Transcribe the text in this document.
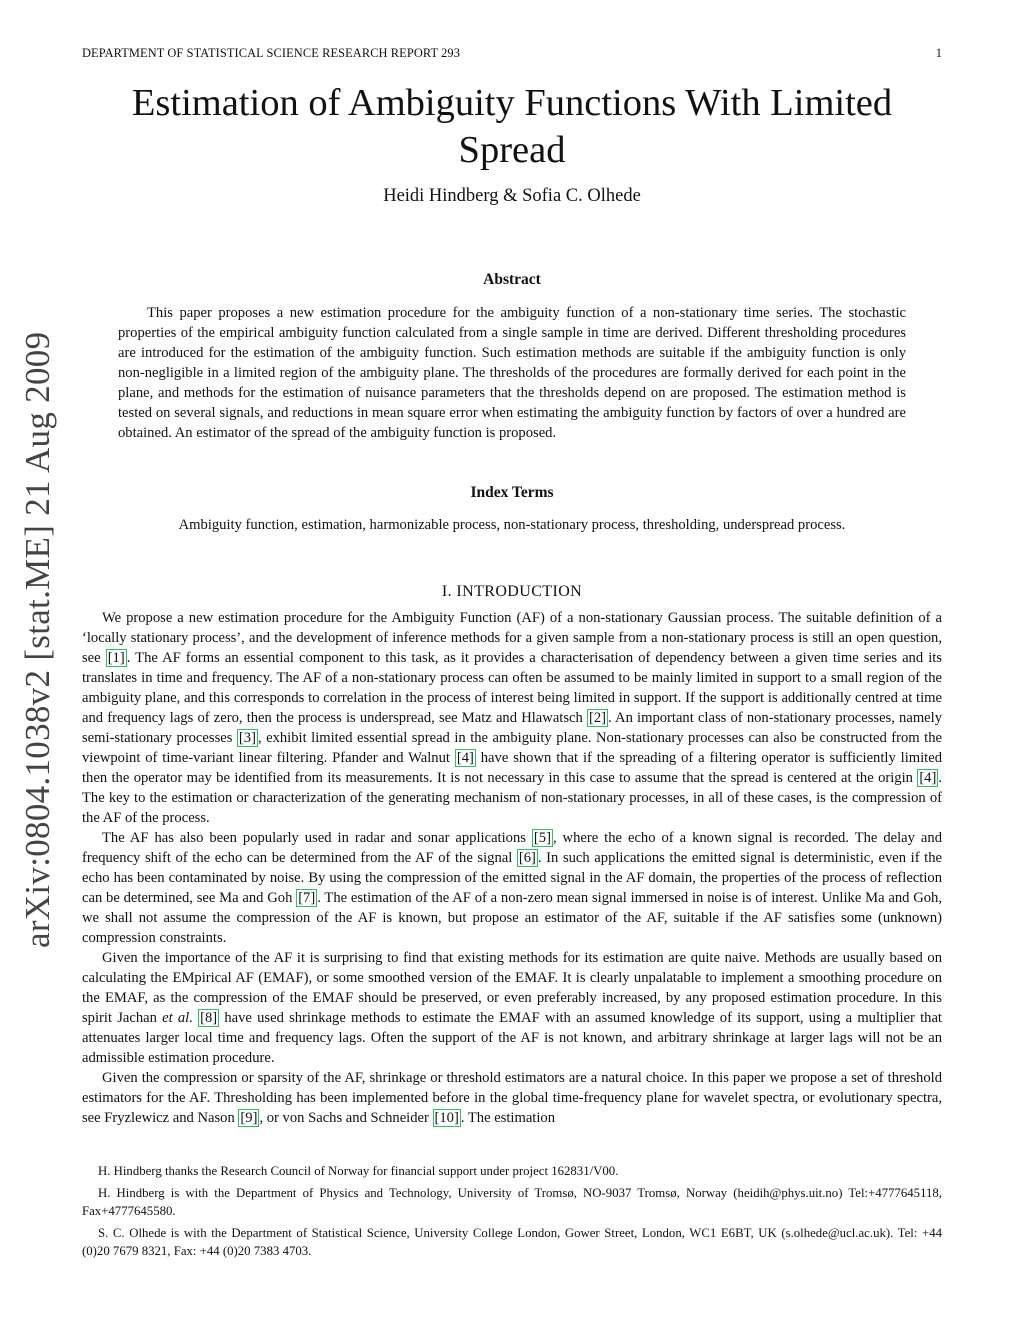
DEPARTMENT OF STATISTICAL SCIENCE RESEARCH REPORT 293	1
arXiv:0804.1038v2 [stat.ME] 21 Aug 2009
Estimation of Ambiguity Functions With Limited Spread
Heidi Hindberg & Sofia C. Olhede
Abstract
This paper proposes a new estimation procedure for the ambiguity function of a non-stationary time series. The stochastic properties of the empirical ambiguity function calculated from a single sample in time are derived. Different thresholding procedures are introduced for the estimation of the ambiguity function. Such estimation methods are suitable if the ambiguity function is only non-negligible in a limited region of the ambiguity plane. The thresholds of the procedures are formally derived for each point in the plane, and methods for the estimation of nuisance parameters that the thresholds depend on are proposed. The estimation method is tested on several signals, and reductions in mean square error when estimating the ambiguity function by factors of over a hundred are obtained. An estimator of the spread of the ambiguity function is proposed.
Index Terms
Ambiguity function, estimation, harmonizable process, non-stationary process, thresholding, underspread process.
I. INTRODUCTION

We propose a new estimation procedure for the Ambiguity Function (AF) of a non-stationary Gaussian process. The suitable definition of a ‘locally stationary process’, and the development of inference methods for a given sample from a non-stationary process is still an open question, see [1] . The AF forms an essential component to this task, as it provides a characterisation of dependency between a given time series and its translates in time and frequency. The AF of a non-stationary process can often be assumed to be mainly limited in support to a small region of the ambiguity plane, and this corresponds to correlation in the process of interest being limited in support. If the support is additionally centred at time and frequency lags of zero, then the process is underspread, see Matz and Hlawatsch [2] . An important class of non-stationary processes, namely semi-stationary processes [3] , exhibit limited essential spread in the ambiguity plane. Non-stationary processes can also be constructed from the viewpoint of time-variant linear filtering. Pfander and Walnut [4] have shown that if the spreading of a filtering operator is sufficiently limited then the operator may be identified from its measurements. It is not necessary in this case to assume that the spread is centered at the origin [4] . The key to the estimation or characterization of the generating mechanism of non-stationary processes, in all of these cases, is the compression of the AF of the process.

The AF has also been popularly used in radar and sonar applications [5] , where the echo of a known signal is recorded. The delay and frequency shift of the echo can be determined from the AF of the signal [6] . In such applications the emitted signal is deterministic, even if the echo has been contaminated by noise. By using the compression of the emitted signal in the AF domain, the properties of the process of reflection can be determined, see Ma and Goh [7] . The estimation of the AF of a non-zero mean signal immersed in noise is of interest. Unlike Ma and Goh, we shall not assume the compression of the AF is known, but propose an estimator of the AF, suitable if the AF satisfies some (unknown) compression constraints.

Given the importance of the AF it is surprising to find that existing methods for its estimation are quite naive. Methods are usually based on calculating the EMpirical AF (EMAF), or some smoothed version of the EMAF. It is clearly unpalatable to implement a smoothing procedure on the EMAF, as the compression of the EMAF should be preserved, or even preferably increased, by any proposed estimation procedure. In this spirit Jachan et al. [8] have used shrinkage methods to estimate the EMAF with an assumed knowledge of its support, using a multiplier that attenuates larger local time and frequency lags. Often the support of the AF is not known, and arbitrary shrinkage at larger lags will not be an admissible estimation procedure.

Given the compression or sparsity of the AF, shrinkage or threshold estimators are a natural choice. In this paper we propose a set of threshold estimators for the AF. Thresholding has been implemented before in the global time-frequency plane for wavelet spectra, or evolutionary spectra, see Fryzlewicz and Nason [9] , or von Sachs and Schneider [10] . The estimation

H. Hindberg thanks the Research Council of Norway for financial support under project 162831/V00.

H. Hindberg is with the Department of Physics and Technology, University of Tromsø, NO-9037 Tromsø, Norway (heidih@phys.uit.no) Tel:+4777645118, Fax+4777645580.

S. C. Olhede is with the Department of Statistical Science, University College London, Gower Street, London, WC1 E6BT, UK (s.olhede@ucl.ac.uk). Tel: +44 (0)20 7679 8321, Fax: +44 (0)20 7383 4703.
